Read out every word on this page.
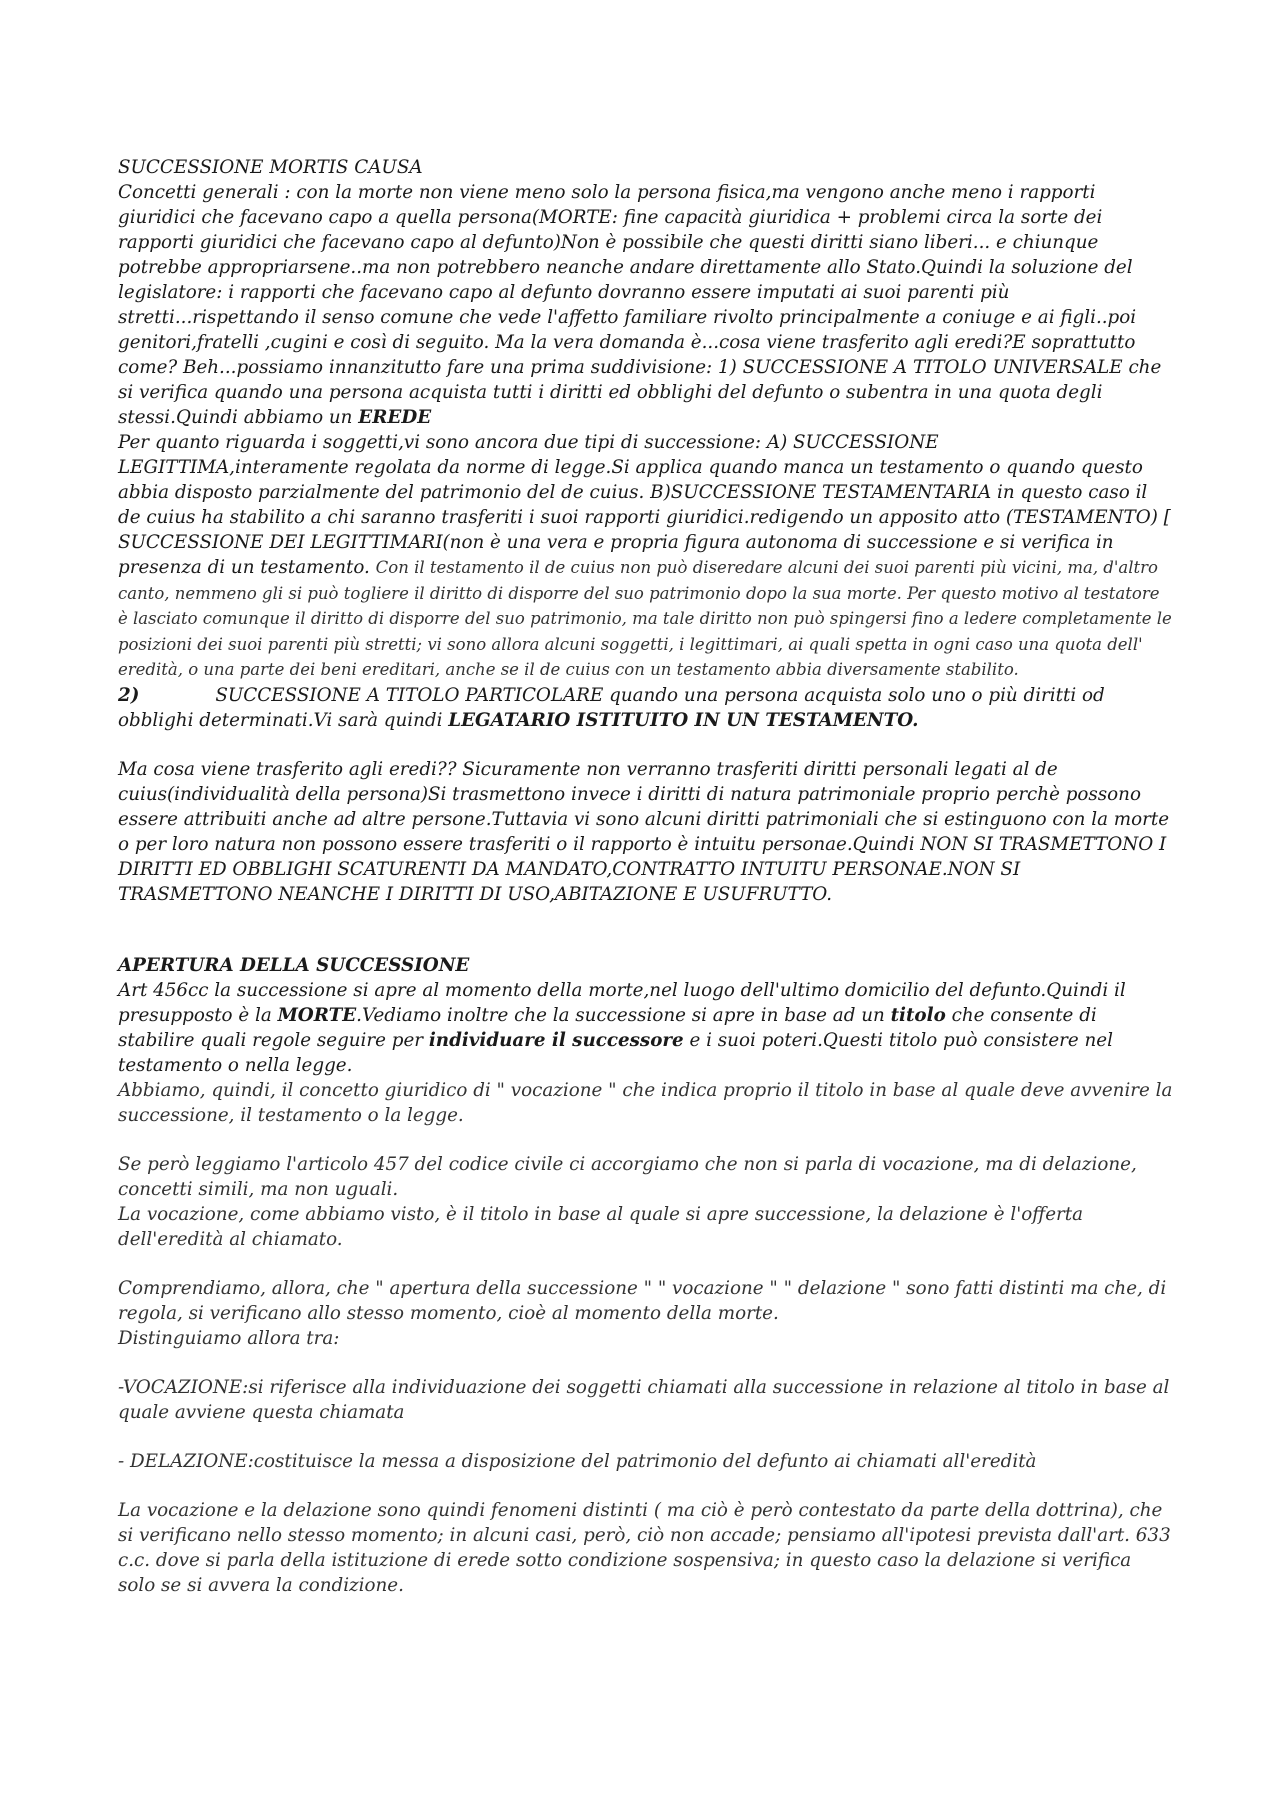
SUCCESSIONE MORTIS CAUSA

Concetti generali : con la morte non viene meno solo la persona fisica,ma vengono anche meno i rapporti giuridici che facevano capo a quella persona(MORTE: fine capacità giuridica + problemi circa la sorte dei rapporti giuridici che facevano capo al defunto)Non è possibile che questi diritti siano liberi... e chiunque potrebbe appropriarsene..ma non potrebbero neanche andare direttamente allo Stato.Quindi la soluzione del legislatore: i rapporti che facevano capo al defunto dovranno essere imputati ai suoi parenti più stretti...rispettando il senso comune che vede l'affetto familiare rivolto principalmente a coniuge e ai figli..poi genitori,fratelli ,cugini e così di seguito. Ma la vera domanda è...cosa viene trasferito agli eredi?E soprattutto come? Beh...possiamo innanzitutto fare una prima suddivisione: 1) SUCCESSIONE A TITOLO UNIVERSALE che si verifica quando una persona acquista tutti i diritti ed obblighi del defunto o subentra in una quota degli stessi.Quindi abbiamo un EREDE

Per quanto riguarda i soggetti,vi sono ancora due tipi di successione: A) SUCCESSIONE LEGITTIMA,interamente regolata da norme di legge.Si applica quando manca un testamento o quando questo abbia disposto parzialmente del patrimonio del de cuius. B)SUCCESSIONE TESTAMENTARIA in questo caso il de cuius ha stabilito a chi saranno trasferiti i suoi rapporti giuridici.redigendo un apposito atto (TESTAMENTO) [ SUCCESSIONE DEI LEGITTIMARI(non è una vera e propria figura autonoma di successione e si verifica in presenza di un testamento. Con il testamento il de cuius non può diseredare alcuni dei suoi parenti più vicini, ma, d'altro canto, nemmeno gli si può togliere il diritto di disporre del suo patrimonio dopo la sua morte. Per questo motivo al testatore è lasciato comunque il diritto di disporre del suo patrimonio, ma tale diritto non può spingersi fino a ledere completamente le posizioni dei suoi parenti più stretti; vi sono allora alcuni soggetti, i legittimari, ai quali spetta in ogni caso una quota dell' eredità, o una parte dei beni ereditari, anche se il de cuius con un testamento abbia diversamente stabilito.

2)	SUCCESSIONE A TITOLO PARTICOLARE quando una persona acquista solo uno o più diritti od obblighi determinati.Vi sarà quindi LEGATARIO ISTITUITO IN UN TESTAMENTO.

Ma cosa viene trasferito agli eredi?? Sicuramente non verranno trasferiti diritti personali legati al de cuius(individualità della persona)Si trasmettono invece i diritti di natura patrimoniale proprio perchè possono essere attribuiti anche ad altre persone.Tuttavia vi sono alcuni diritti patrimoniali che si estinguono con la morte o per loro natura non possono essere trasferiti o il rapporto è intuitu personae.Quindi NON SI TRASMETTONO I DIRITTI ED OBBLIGHI SCATURENTI DA MANDATO,CONTRATTO INTUITU PERSONAE.NON SI TRASMETTONO NEANCHE I DIRITTI DI USO,ABITAZIONE E USUFRUTTO.

APERTURA DELLA SUCCESSIONE

Art 456cc la successione si apre al momento della morte,nel luogo dell'ultimo domicilio del defunto.Quindi il presupposto è la MORTE.Vediamo inoltre che la successione si apre in base ad un titolo che consente di stabilire quali regole seguire per individuare il successore e i suoi poteri.Questi titolo può consistere nel testamento o nella legge.

Abbiamo, quindi, il concetto giuridico di " vocazione " che indica proprio il titolo in base al quale deve avvenire la successione, il testamento o la legge.

Se però leggiamo l'articolo 457 del codice civile ci accorgiamo che non si parla di vocazione, ma di delazione, concetti simili, ma non uguali.

La vocazione, come abbiamo visto, è il titolo in base al quale si apre successione, la delazione è l'offerta dell'eredità al chiamato.

Comprendiamo, allora, che " apertura della successione " " vocazione " " delazione " sono fatti distinti ma che, di regola, si verificano allo stesso momento, cioè al momento della morte.

Distinguiamo allora tra:

-VOCAZIONE:si riferisce alla individuazione dei soggetti chiamati alla successione in relazione al titolo in base al quale avviene questa chiamata

- DELAZIONE:costituisce la messa a disposizione del patrimonio del defunto ai chiamati all'eredità

La vocazione e la delazione sono quindi fenomeni distinti ( ma ciò è però contestato da parte della dottrina), che si verificano nello stesso momento; in alcuni casi, però, ciò non accade; pensiamo all'ipotesi prevista dall'art. 633 c.c. dove si parla della istituzione di erede sotto condizione sospensiva; in questo caso la delazione si verifica solo se si avvera la condizione.
